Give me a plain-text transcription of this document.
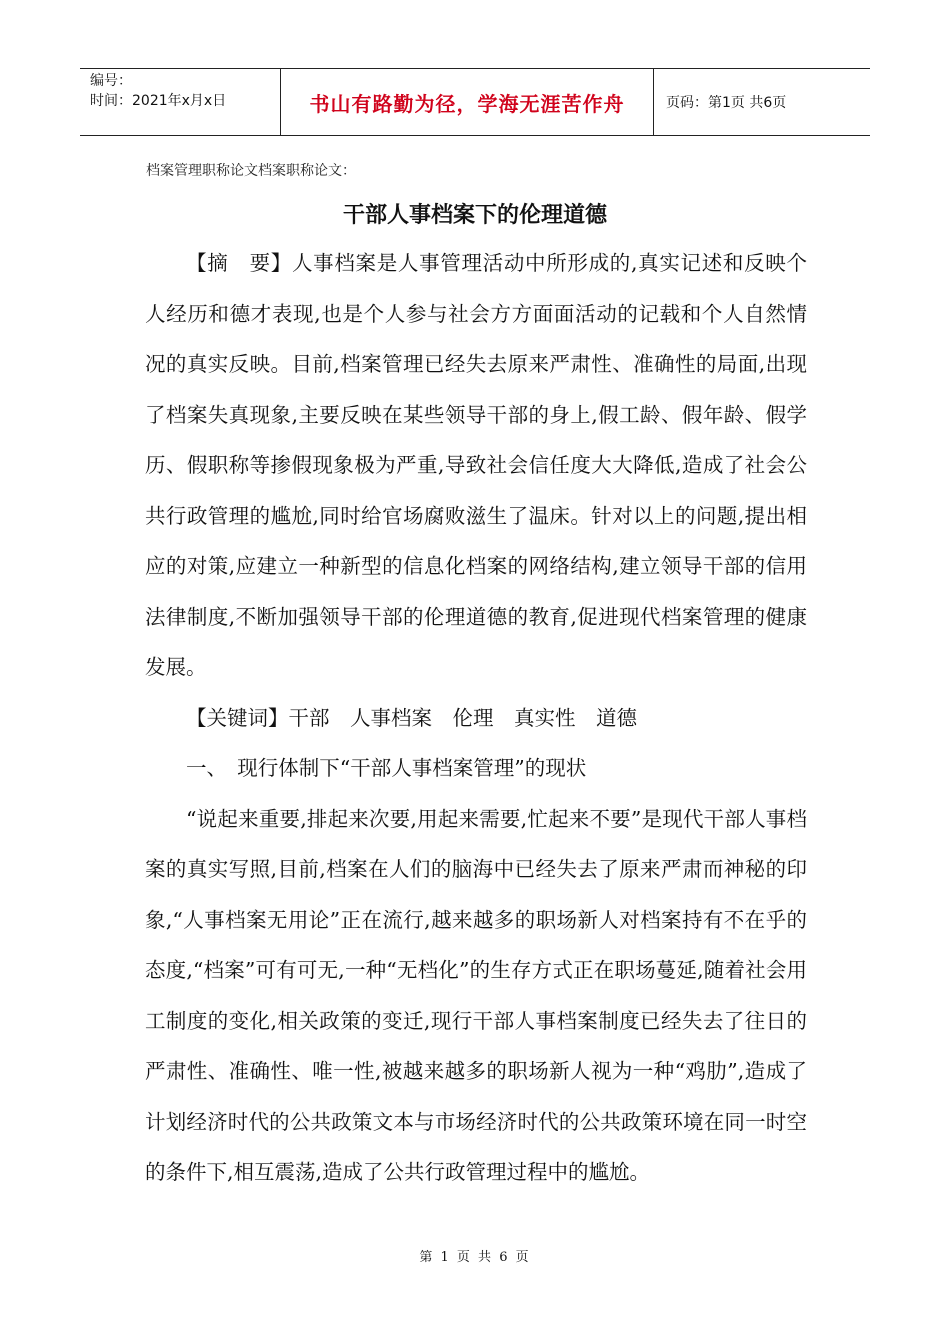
编号：
时间：2021年x月x日	书山有路勤为径，学海无涯苦作舟	页码：第1页 共6页
档案管理职称论文档案职称论文：
干部人事档案下的伦理道德

【摘　要】人事档案是人事管理活动中所形成的,真实记述和反映个人经历和德才表现,也是个人参与社会方方面面活动的记载和个人自然情况的真实反映。目前,档案管理已经失去原来严肃性、准确性的局面,出现了档案失真现象,主要反映在某些领导干部的身上,假工龄、假年龄、假学历、假职称等掺假现象极为严重,导致社会信任度大大降低,造成了社会公共行政管理的尴尬,同时给官场腐败滋生了温床。针对以上的问题,提出相应的对策,应建立一种新型的信息化档案的网络结构,建立领导干部的信用法律制度,不断加强领导干部的伦理道德的教育,促进现代档案管理的健康发展。

【关键词】干部　人事档案　伦理　真实性　道德

一、　现行体制下“干部人事档案管理”的现状

“说起来重要,排起来次要,用起来需要,忙起来不要”是现代干部人事档案的真实写照,目前,档案在人们的脑海中已经失去了原来严肃而神秘的印象,“人事档案无用论”正在流行,越来越多的职场新人对档案持有不在乎的态度,“档案”可有可无,一种“无档化”的生存方式正在职场蔓延,随着社会用工制度的变化,相关政策的变迁,现行干部人事档案制度已经失去了往日的严肃性、准确性、唯一性,被越来越多的职场新人视为一种“鸡肋”,造成了计划经济时代的公共政策文本与市场经济时代的公共政策环境在同一时空的条件下,相互震荡,造成了公共行政管理过程中的尴尬。

第 1 页 共 6 页
